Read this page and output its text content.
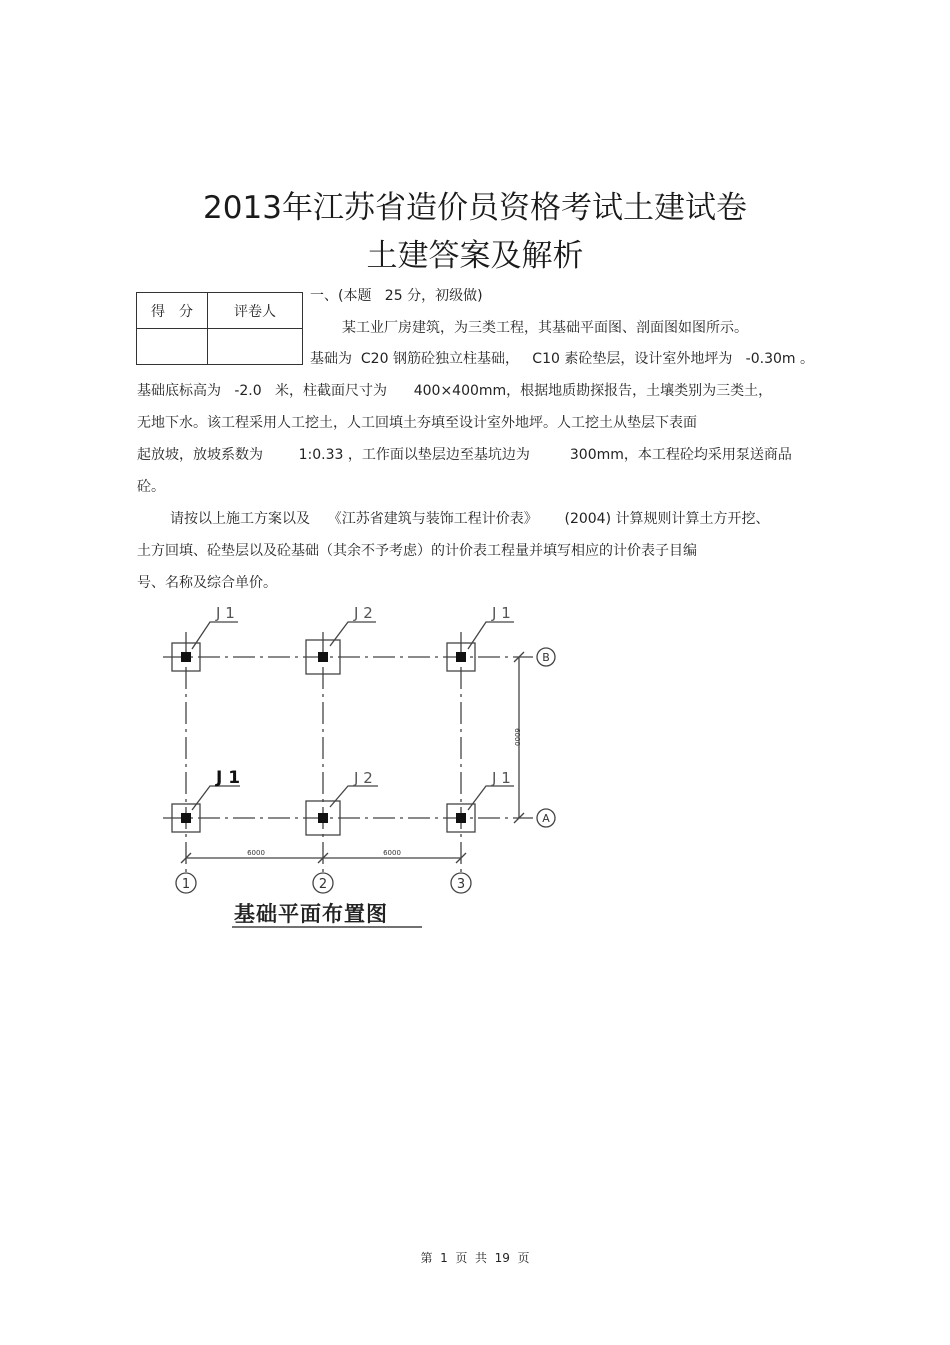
2013年江苏省造价员资格考试土建试卷
土建答案及解析
得　分	评卷人

一、(本题   25 分，初级做)
某工业厂房建筑，为三类工程，其基础平面图、剖面图如图所示。
基础为  C20 钢筋砼独立柱基础，   C10 素砼垫层，设计室外地坪为   -0.30m 。
基础底标高为   -2.0   米，柱截面尺寸为      400×400mm，根据地质勘探报告，土壤类别为三类土，
无地下水。该工程采用人工挖土，人工回填土夯填至设计室外地坪。人工挖土从垫层下表面
起放坡，放坡系数为        1:0.33 ，工作面以垫层边至基坑边为         300mm，本工程砼均采用泵送商品
砼。
请按以上施工方案以及    《江苏省建筑与装饰工程计价表》      (2004) 计算规则计算土方开挖、
土方回填、砼垫层以及砼基础（其余不予考虑）的计价表工程量并填写相应的计价表子目编
号、名称及综合单价。
J 1	J 2	J 1
J 1	J 2	J 1
B
A
1	2	3
6000	6000
6000
基础平面布置图
第  1  页  共  19  页
